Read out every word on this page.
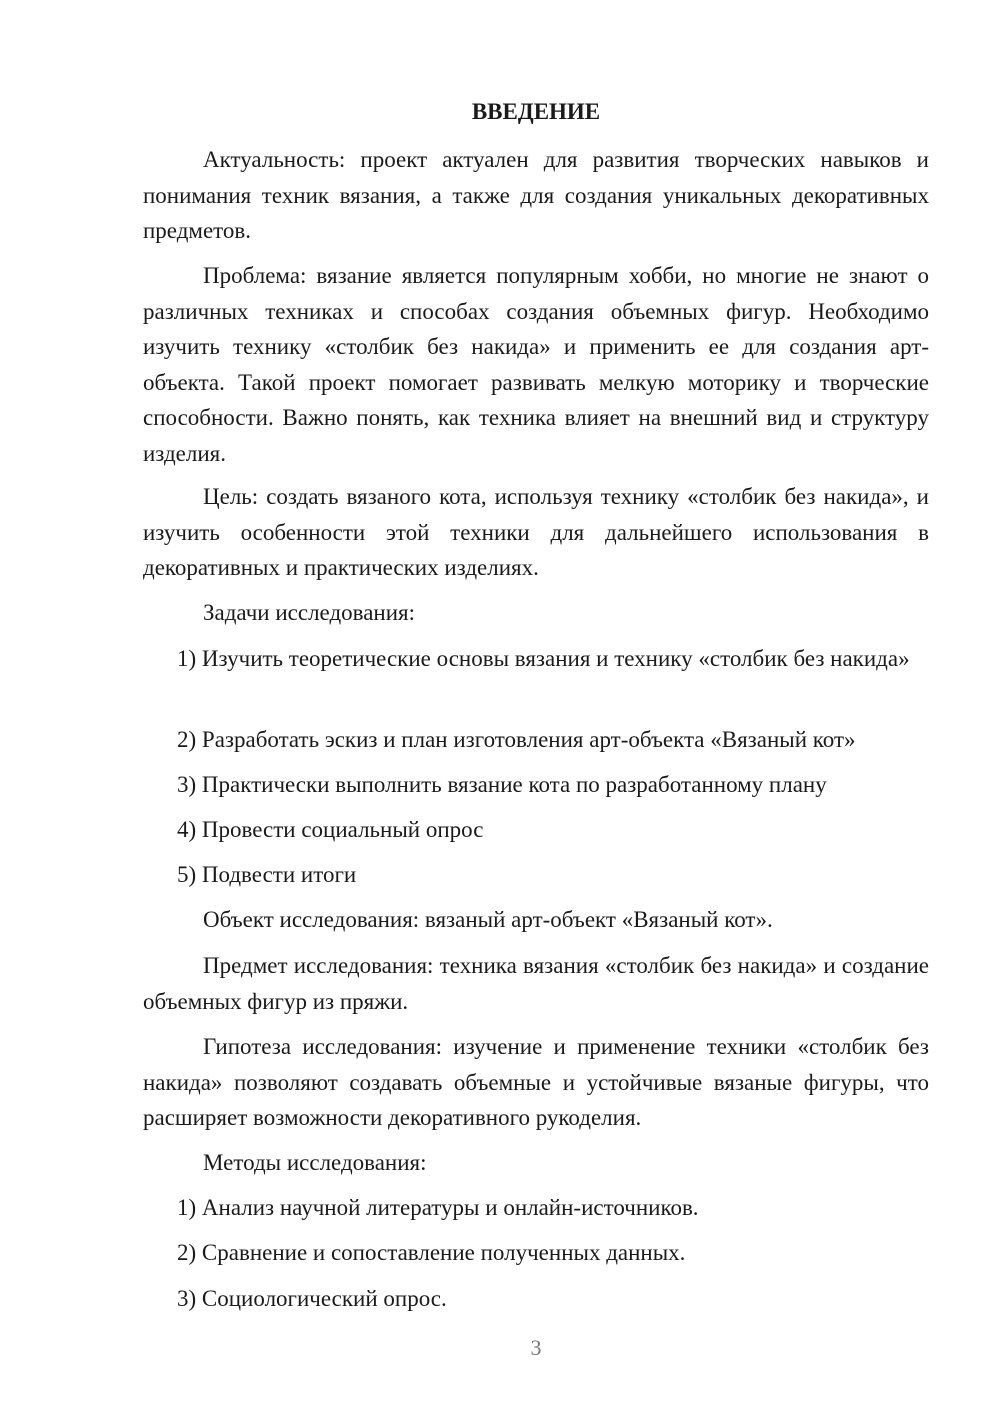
ВВЕДЕНИЕ

Актуальность: проект актуален для развития творческих навыков и понимания техник вязания, а также для создания уникальных декоративных предметов.

Проблема: вязание является популярным хобби, но многие не знают о различных техниках и способах создания объемных фигур. Необходимо изучить технику «столбик без накида» и применить ее для создания арт-объекта. Такой проект помогает развивать мелкую моторику и творческие способности. Важно понять, как техника влияет на внешний вид и структуру изделия.

Цель: создать вязаного кота, используя технику «столбик без накида», и изучить особенности этой техники для дальнейшего использования в декоративных и практических изделиях.

Задачи исследования:

1) Изучить теоретические основы вязания и технику «столбик без накида»

2) Разработать эскиз и план изготовления арт-объекта «Вязаный кот»

3) Практически выполнить вязание кота по разработанному плану

4) Провести социальный опрос

5) Подвести итоги

Объект исследования: вязаный арт-объект «Вязаный кот».

Предмет исследования: техника вязания «столбик без накида» и создание объемных фигур из пряжи.

Гипотеза исследования: изучение и применение техники «столбик без накида» позволяют создавать объемные и устойчивые вязаные фигуры, что расширяет возможности декоративного рукоделия.

Методы исследования:

1) Анализ научной литературы и онлайн-источников.

2) Сравнение и сопоставление полученных данных.

3) Социологический опрос.

3
